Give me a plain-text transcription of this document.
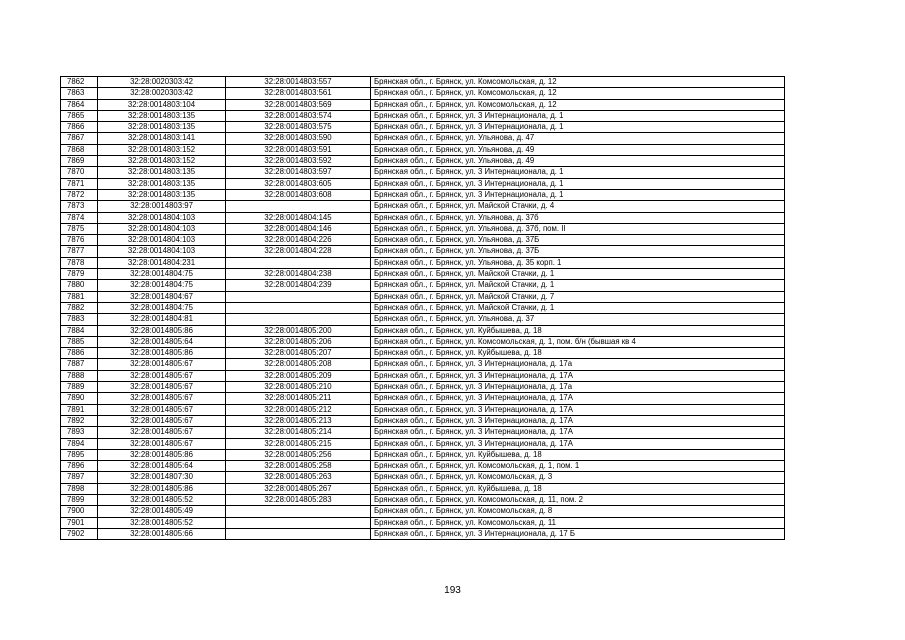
7862	32:28:0020303:42	32:28:0014803:557	Брянская обл., г. Брянск, ул. Комсомольская, д. 12
7863	32:28:0020303:42	32:28:0014803:561	Брянская обл., г. Брянск, ул. Комсомольская, д. 12
7864	32:28:0014803:104	32:28:0014803:569	Брянская обл., г. Брянск, ул. Комсомольская, д. 12
7865	32:28:0014803:135	32:28:0014803:574	Брянская обл., г. Брянск, ул. 3 Интернационала, д. 1
7866	32:28:0014803:135	32:28:0014803:575	Брянская обл., г. Брянск, ул. 3 Интернационала, д. 1
7867	32:28:0014803:141	32:28:0014803:590	Брянская обл., г. Брянск, ул. Ульянова, д. 47
7868	32:28:0014803:152	32:28:0014803:591	Брянская обл., г. Брянск, ул. Ульянова, д. 49
7869	32:28:0014803:152	32:28:0014803:592	Брянская обл., г. Брянск, ул. Ульянова, д. 49
7870	32:28:0014803:135	32:28:0014803:597	Брянская обл., г. Брянск, ул. 3 Интернационала, д. 1
7871	32:28:0014803:135	32:28:0014803:605	Брянская обл., г. Брянск, ул. 3 Интернационала, д. 1
7872	32:28:0014803:135	32:28:0014803:608	Брянская обл., г. Брянск, ул. 3 Интернационала, д. 1
7873	32:28:0014803:97		Брянская обл., г. Брянск, ул. Майской Стачки, д. 4
7874	32:28:0014804:103	32:28:0014804:145	Брянская обл., г. Брянск, ул. Ульянова, д. 37б
7875	32:28:0014804:103	32:28:0014804:146	Брянская обл., г. Брянск, ул. Ульянова, д. 37б, пом. II
7876	32:28:0014804:103	32:28:0014804:226	Брянская обл., г. Брянск, ул. Ульянова, д. 37Б
7877	32:28:0014804:103	32:28:0014804:228	Брянская обл., г. Брянск, ул. Ульянова, д. 37Б
7878	32:28:0014804:231		Брянская обл., г. Брянск, ул. Ульянова, д. 35 корп. 1
7879	32:28:0014804:75	32:28:0014804:238	Брянская обл., г. Брянск, ул. Майской Стачки, д. 1
7880	32:28:0014804:75	32:28:0014804:239	Брянская обл., г. Брянск, ул. Майской Стачки, д. 1
7881	32:28:0014804:67		Брянская обл., г. Брянск, ул. Майской Стачки, д. 7
7882	32:28:0014804:75		Брянская обл., г. Брянск, ул. Майской Стачки, д. 1
7883	32:28:0014804:81		Брянская обл., г. Брянск, ул. Ульянова, д. 37
7884	32:28:0014805:86	32:28:0014805:200	Брянская обл., г. Брянск, ул. Куйбышева, д. 18
7885	32:28:0014805:64	32:28:0014805:206	Брянская обл., г. Брянск, ул. Комсомольская, д. 1, пом. б/н (бывшая кв 4
7886	32:28:0014805:86	32:28:0014805:207	Брянская обл., г. Брянск, ул. Куйбышева, д. 18
7887	32:28:0014805:67	32:28:0014805:208	Брянская обл., г. Брянск, ул. 3 Интернационала, д. 17а
7888	32:28:0014805:67	32:28:0014805:209	Брянская обл., г. Брянск, ул. 3 Интернационала, д. 17А
7889	32:28:0014805:67	32:28:0014805:210	Брянская обл., г. Брянск, ул. 3 Интернационала, д. 17а
7890	32:28:0014805:67	32:28:0014805:211	Брянская обл., г. Брянск, ул. 3 Интернационала, д. 17А
7891	32:28:0014805:67	32:28:0014805:212	Брянская обл., г. Брянск, ул. 3 Интернационала, д. 17А
7892	32:28:0014805:67	32:28:0014805:213	Брянская обл., г. Брянск, ул. 3 Интернационала, д. 17А
7893	32:28:0014805:67	32:28:0014805:214	Брянская обл., г. Брянск, ул. 3 Интернационала, д. 17А
7894	32:28:0014805:67	32:28:0014805:215	Брянская обл., г. Брянск, ул. 3 Интернационала, д. 17А
7895	32:28:0014805:86	32:28:0014805:256	Брянская обл., г. Брянск, ул. Куйбышева, д. 18
7896	32:28:0014805:64	32:28:0014805:258	Брянская обл., г. Брянск, ул. Комсомольская, д. 1, пом. 1
7897	32:28:0014807:30	32:28:0014805:263	Брянская обл., г. Брянск, ул. Комсомольская, д. 3
7898	32:28:0014805:86	32:28:0014805:267	Брянская обл., г. Брянск, ул. Куйбышева, д. 18
7899	32:28:0014805:52	32:28:0014805:283	Брянская обл., г. Брянск, ул. Комсомольская, д. 11, пом. 2
7900	32:28:0014805:49		Брянская обл., г. Брянск, ул. Комсомольская, д. 8
7901	32:28:0014805:52		Брянская обл., г. Брянск, ул. Комсомольская, д. 11
7902	32:28:0014805:66		Брянская обл., г. Брянск, ул. 3 Интернационала, д. 17 Б
193
